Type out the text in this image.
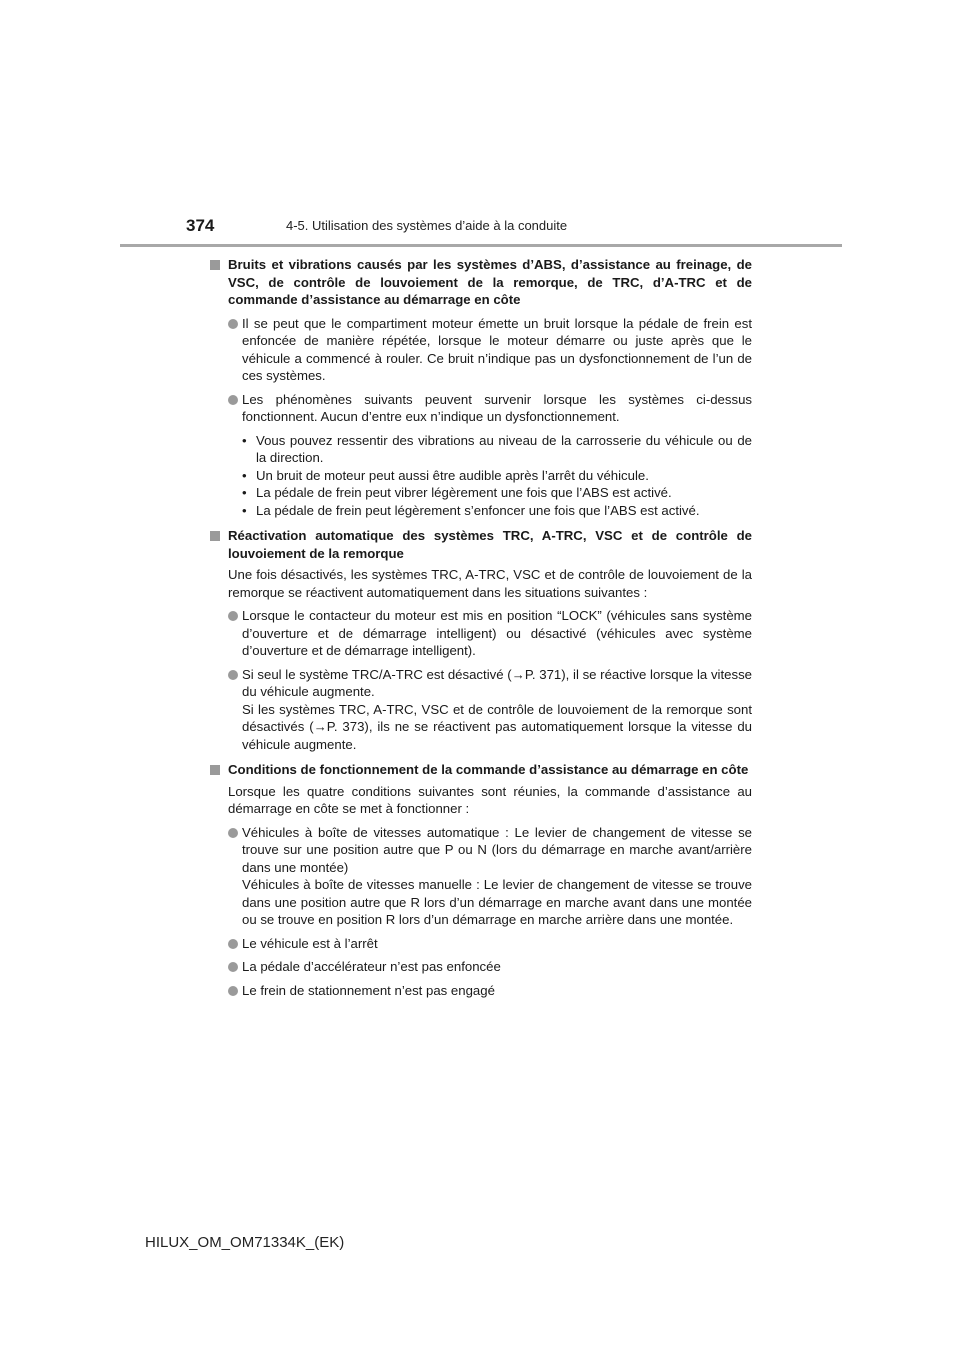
374	4-5. Utilisation des systèmes d’aide à la conduite
Bruits et vibrations causés par les systèmes d’ABS, d’assistance au freinage, de VSC, de contrôle de louvoiement de la remorque, de TRC, d’A-TRC et de commande d’assistance au démarrage en côte
Il se peut que le compartiment moteur émette un bruit lorsque la pédale de frein est enfoncée de manière répétée, lorsque le moteur démarre ou juste après que le véhicule a commencé à rouler. Ce bruit n’indique pas un dysfonctionnement de l’un de ces systèmes.
Les phénomènes suivants peuvent survenir lorsque les systèmes ci-dessus fonctionnent. Aucun d’entre eux n’indique un dysfonctionnement.
• Vous pouvez ressentir des vibrations au niveau de la carrosserie du véhicule ou de la direction.
• Un bruit de moteur peut aussi être audible après l’arrêt du véhicule.
• La pédale de frein peut vibrer légèrement une fois que l’ABS est activé.
• La pédale de frein peut légèrement s’enfoncer une fois que l’ABS est activé.
Réactivation automatique des systèmes TRC, A-TRC, VSC et de contrôle de louvoiement de la remorque
Une fois désactivés, les systèmes TRC, A-TRC, VSC et de contrôle de louvoiement de la remorque se réactivent automatiquement dans les situations suivantes :
Lorsque le contacteur du moteur est mis en position “LOCK” (véhicules sans système d’ouverture et de démarrage intelligent) ou désactivé (véhicules avec système d’ouverture et de démarrage intelligent).
Si seul le système TRC/A-TRC est désactivé (→P. 371), il se réactive lorsque la vitesse du véhicule augmente.
Si les systèmes TRC, A-TRC, VSC et de contrôle de louvoiement de la remorque sont désactivés (→P. 373), ils ne se réactivent pas automatiquement lorsque la vitesse du véhicule augmente.
Conditions de fonctionnement de la commande d’assistance au démarrage en côte
Lorsque les quatre conditions suivantes sont réunies, la commande d’assistance au démarrage en côte se met à fonctionner :
Véhicules à boîte de vitesses automatique : Le levier de changement de vitesse se trouve sur une position autre que P ou N (lors du démarrage en marche avant/arrière dans une montée)
Véhicules à boîte de vitesses manuelle : Le levier de changement de vitesse se trouve dans une position autre que R lors d’un démarrage en marche avant dans une montée ou se trouve en position R lors d’un démarrage en marche arrière dans une montée.
Le véhicule est à l’arrêt
La pédale d’accélérateur n’est pas enfoncée
Le frein de stationnement n’est pas engagé
HILUX_OM_OM71334K_(EK)
